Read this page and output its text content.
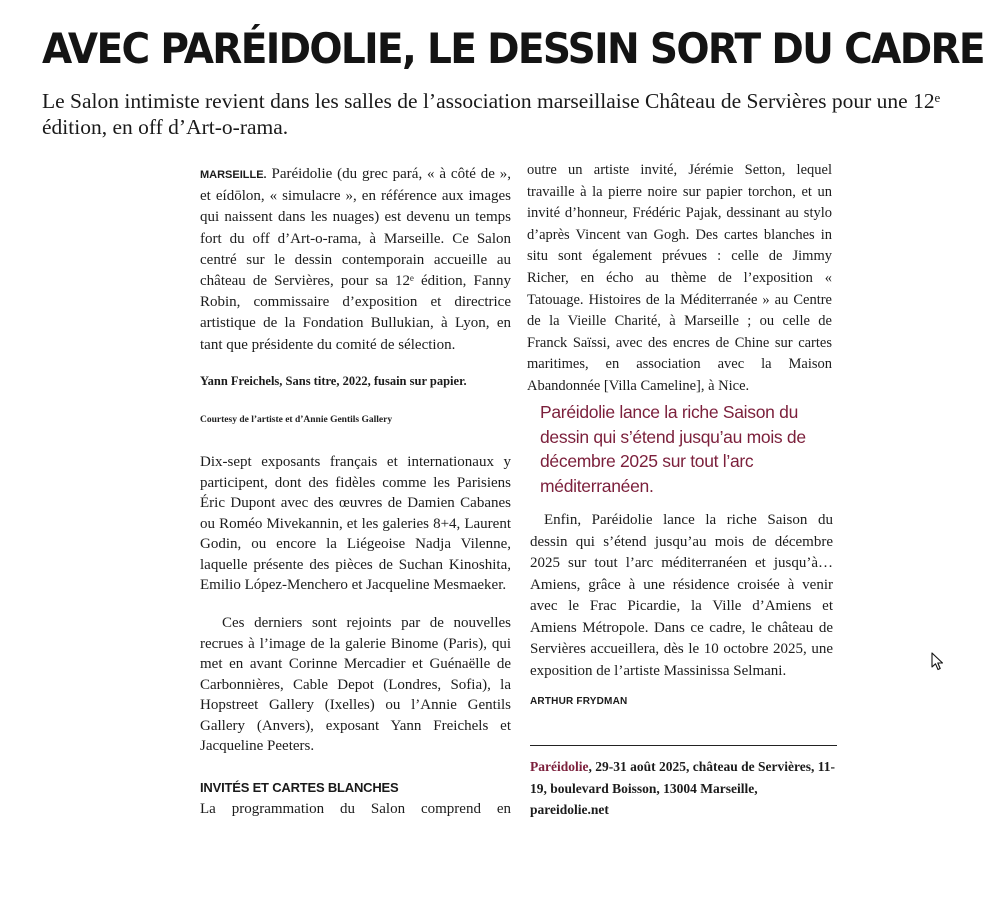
AVEC PARÉIDOLIE, LE DESSIN SORT DU CADRE

Le Salon intimiste revient dans les salles de l’association marseillaise Château de Servières pour une 12ᵉ édition, en off d’Art-o-rama.

MARSEILLE. Paréidolie (du grec pará, « à côté de », et eídōlon, « simulacre », en référence aux images qui naissent dans les nuages) est devenu un temps fort du off d’Art-o-rama, à Marseille. Ce Salon centré sur le dessin contemporain accueille au château de Servières, pour sa 12ᵉ édition, Fanny Robin, commissaire d’exposition et directrice artistique de la Fondation Bullukian, à Lyon, en tant que présidente du comité de sélection.

Yann Freichels, Sans titre, 2022, fusain sur papier.
Courtesy de l’artiste et d’Annie Gentils Gallery

Dix-sept exposants français et internationaux y participent, dont des fidèles comme les Parisiens Éric Dupont avec des œuvres de Damien Cabanes ou Roméo Mivekannin, et les galeries 8+4, Laurent Godin, ou encore la Liégeoise Nadja Vilenne, laquelle présente des pièces de Suchan Kinoshita, Emilio López-Menchero et Jacqueline Mesmaeker.

Ces derniers sont rejoints par de nouvelles recrues à l’image de la galerie Binome (Paris), qui met en avant Corinne Mercadier et Guénaëlle de Carbonnières, Cable Depot (Londres, Sofia), la Hopstreet Gallery (Ixelles) ou l’Annie Gentils Gallery (Anvers), exposant Yann Freichels et Jacqueline Peeters.

INVITÉS ET CARTES BLANCHES

La programmation du Salon comprend en

outre un artiste invité, Jérémie Setton, lequel travaille à la pierre noire sur papier torchon, et un invité d’honneur, Frédéric Pajak, dessinant au stylo d’après Vincent van Gogh. Des cartes blanches in situ sont également prévues : celle de Jimmy Richer, en écho au thème de l’exposition « Tatouage. Histoires de la Méditerranée » au Centre de la Vieille Charité, à Marseille ; ou celle de Franck Saïssi, avec des encres de Chine sur cartes maritimes, en association avec la Maison Abandonnée [Villa Cameline], à Nice.

Paréidolie lance la riche Saison du dessin qui s’étend jusqu’au mois de décembre 2025 sur tout l’arc méditerranéen.

Enfin, Paréidolie lance la riche Saison du dessin qui s’étend jusqu’au mois de décembre 2025 sur tout l’arc méditerranéen et jusqu’à… Amiens, grâce à une résidence croisée à venir avec le Frac Picardie, la Ville d’Amiens et Amiens Métropole. Dans ce cadre, le château de Servières accueillera, dès le 10 octobre 2025, une exposition de l’artiste Massinissa Selmani.

ARTHUR FRYDMAN

Paréidolie, 29-31 août 2025, château de Servières, 11-19, boulevard Boisson, 13004 Marseille, pareidolie.net
